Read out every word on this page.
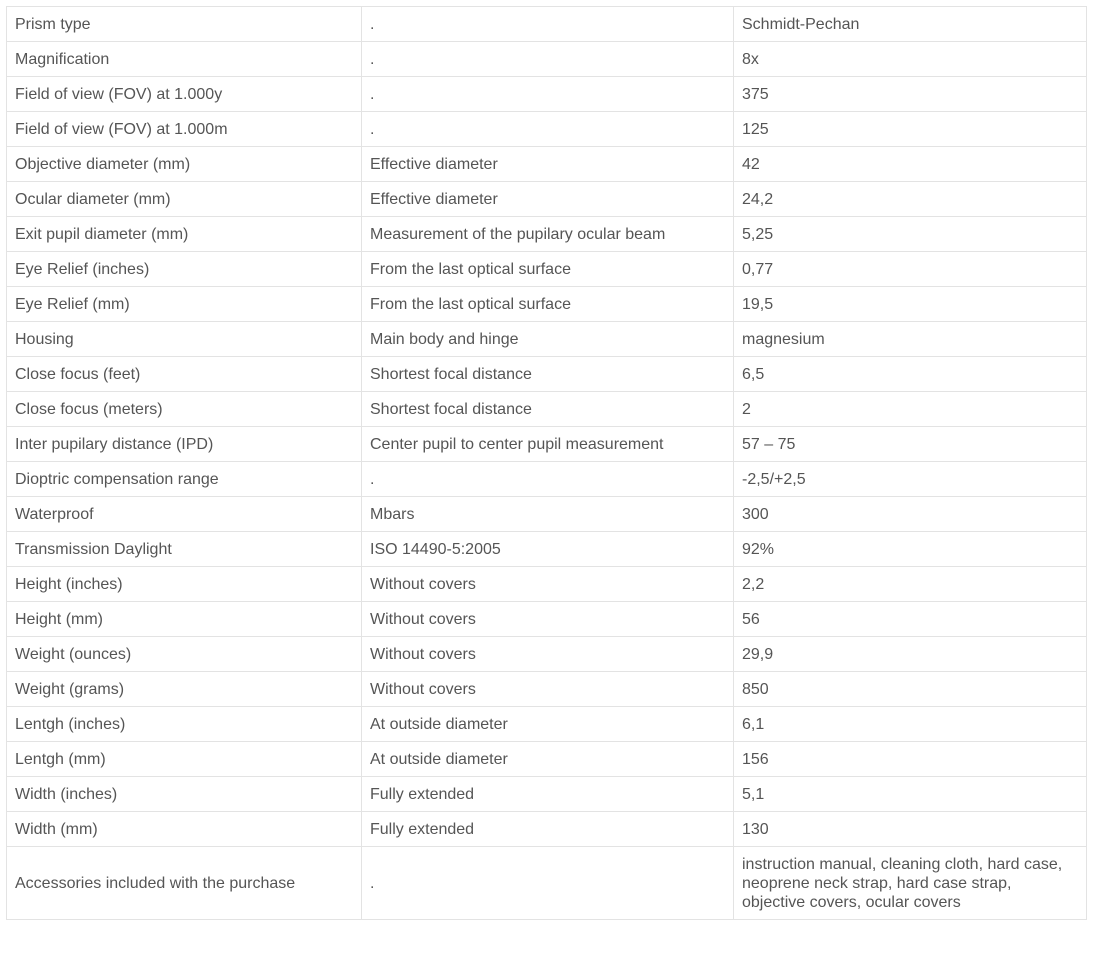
Prism type	.	Schmidt-Pechan
Magnification	.	8x
Field of view (FOV) at 1.000y	.	375
Field of view (FOV) at 1.000m	.	125
Objective diameter (mm)	Effective diameter	42
Ocular diameter (mm)	Effective diameter	24,2
Exit pupil diameter (mm)	Measurement of the pupilary ocular beam	5,25
Eye Relief (inches)	From the last optical surface	0,77
Eye Relief (mm)	From the last optical surface	19,5
Housing	Main body and hinge	magnesium
Close focus (feet)	Shortest focal distance	6,5
Close focus (meters)	Shortest focal distance	2
Inter pupilary distance (IPD)	Center pupil to center pupil measurement	57 – 75
Dioptric compensation range	.	-2,5/+2,5
Waterproof	Mbars	300
Transmission Daylight	ISO 14490-5:2005	92%
Height (inches)	Without covers	2,2
Height (mm)	Without covers	56
Weight (ounces)	Without covers	29,9
Weight (grams)	Without covers	850
Lentgh (inches)	At outside diameter	6,1
Lentgh (mm)	At outside diameter	156
Width (inches)	Fully extended	5,1
Width (mm)	Fully extended	130
Accessories included with the purchase	.	instruction manual, cleaning cloth, hard case, neoprene neck strap, hard case strap, objective covers, ocular covers
